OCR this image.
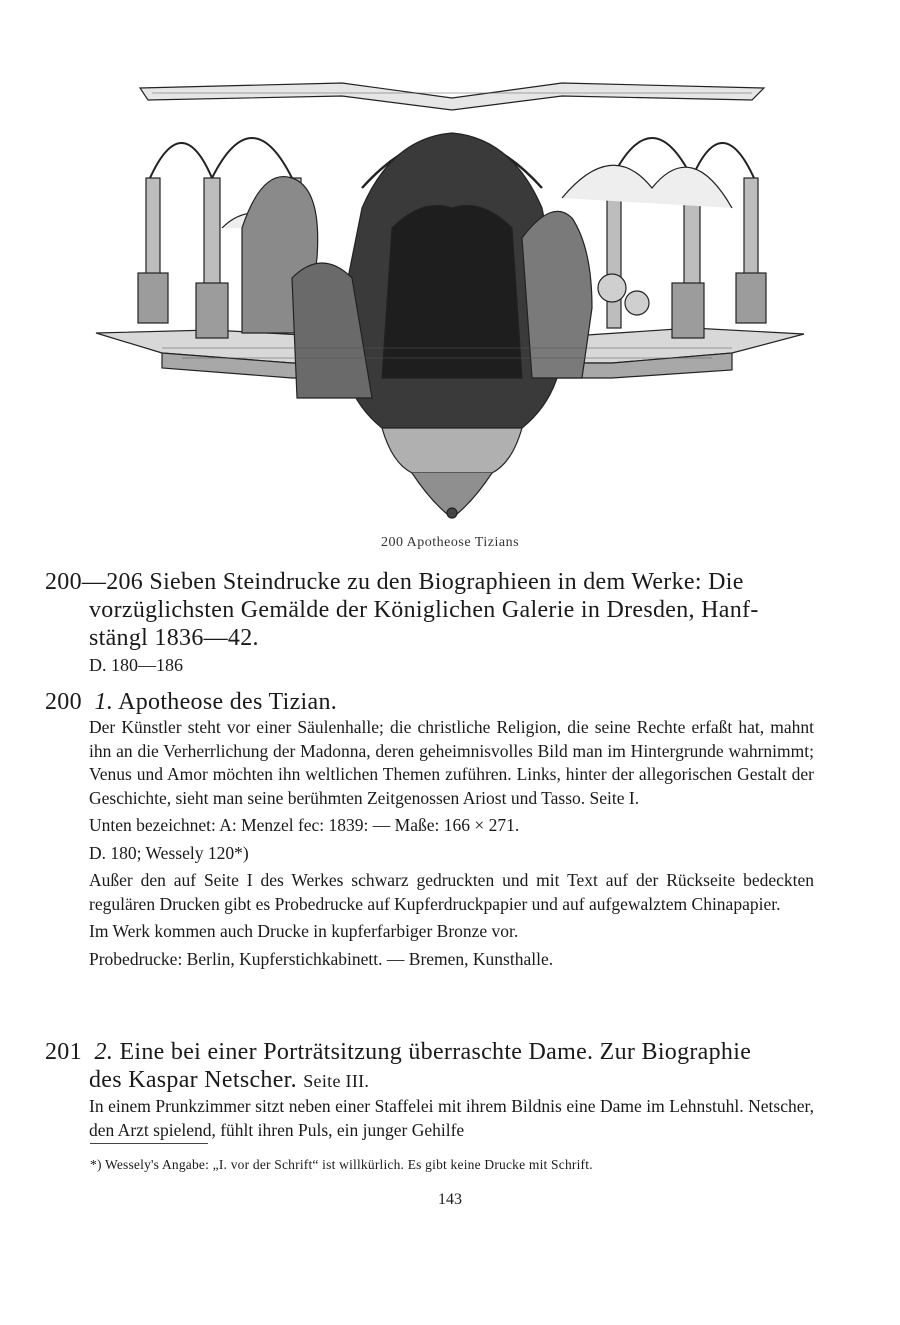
200 Apotheose Tizians
200—206 Sieben Steindrucke zu den Biographieen in dem Werke: Die
vorzüglichsten Gemälde der Königlichen Galerie in Dresden, Hanf-
stängl 1836—42.
D. 180—186
200 1. Apotheose des Tizian.
Der Künstler steht vor einer Säulenhalle; die christliche Religion, die seine Rechte erfaßt hat, mahnt ihn an die Verherrlichung der Madonna, deren geheimnisvolles Bild man im Hintergrunde wahrnimmt; Venus und Amor möchten ihn weltlichen Themen zuführen. Links, hinter der allegorischen Gestalt der Geschichte, sieht man seine berühmten Zeitgenossen Ariost und Tasso. Seite I.
Unten bezeichnet: A: Menzel fec: 1839: — Maße: 166 × 271.
D. 180; Wessely 120*)
Außer den auf Seite I des Werkes schwarz gedruckten und mit Text auf der Rückseite bedeckten regulären Drucken gibt es Probedrucke auf Kupferdruckpapier und auf aufgewalztem Chinapapier.
Im Werk kommen auch Drucke in kupferfarbiger Bronze vor.
Probedrucke: Berlin, Kupferstichkabinett. — Bremen, Kunsthalle.
201 2. Eine bei einer Porträtsitzung überraschte Dame. Zur Biographie
des Kaspar Netscher. Seite III.
In einem Prunkzimmer sitzt neben einer Staffelei mit ihrem Bildnis eine Dame im Lehnstuhl. Netscher, den Arzt spielend, fühlt ihren Puls, ein junger Gehilfe
*) Wessely's Angabe: „I. vor der Schrift“ ist willkürlich. Es gibt keine Drucke mit Schrift.
143
